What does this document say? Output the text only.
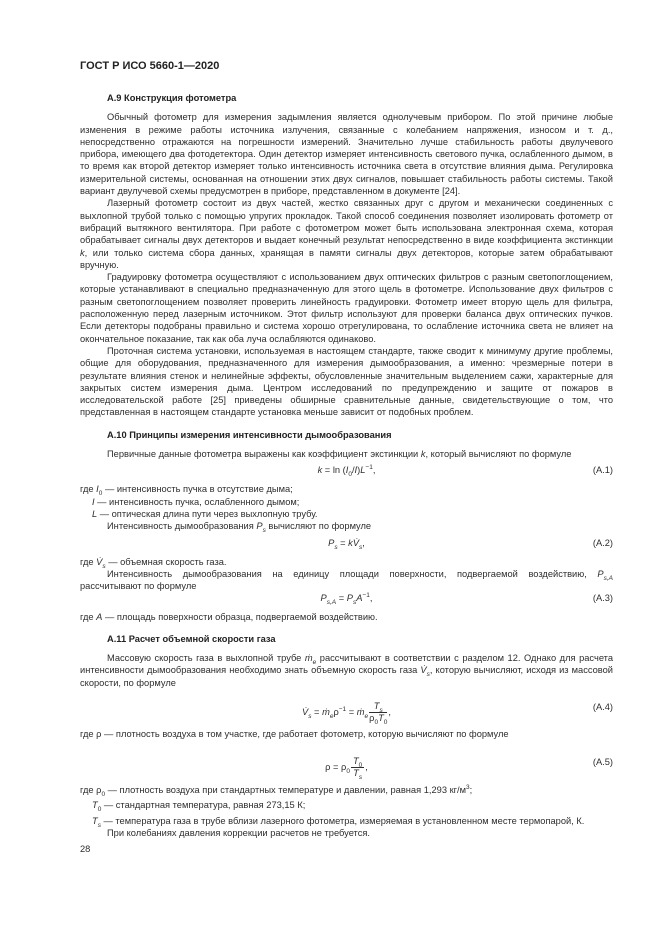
ГОСТ Р ИСО 5660-1—2020
А.9 Конструкция фотометра

Обычный фотометр для измерения задымления является однолучевым прибором. По этой причине любые изменения в режиме работы источника излучения, связанные с колебанием напряжения, износом и т. д., непосредственно отражаются на погрешности измерений. Значительно лучше стабильность работы двулучевого прибора, имеющего два фотодетектора. Один детектор измеряет интенсивность светового пучка, ослабленного дымом, в то время как второй детектор измеряет только интенсивность источника света в отсутствие влияния дыма. Регулировка измерительной системы, основанная на отношении этих двух сигналов, повышает стабильность работы системы. Такой вариант двулучевой схемы предусмотрен в приборе, представленном в документе [24].

Лазерный фотометр состоит из двух частей, жестко связанных друг с другом и механически соединенных с выхлопной трубой только с помощью упругих прокладок. Такой способ соединения позволяет изолировать фотометр от вибраций вытяжного вентилятора. При работе с фотометром может быть использована электронная схема, которая обрабатывает сигналы двух детекторов и выдает конечный результат непосредственно в виде коэффициента экстинкции k, или только система сбора данных, хранящая в памяти сигналы двух детекторов, которые затем обрабатывают вручную.

Градуировку фотометра осуществляют с использованием двух оптических фильтров с разным светопоглощением, которые устанавливают в специально предназначенную для этого щель в фотометре. Использование двух фильтров с разным светопоглощением позволяет проверить линейность градуировки. Фотометр имеет вторую щель для фильтра, расположенную перед лазерным источником. Этот фильтр используют для проверки баланса двух оптических пучков. Если детекторы подобраны правильно и система хорошо отрегулирована, то ослабление источника света не влияет на окончательное показание, так как оба луча ослабляются одинаково.

Проточная система установки, используемая в настоящем стандарте, также сводит к минимуму другие проблемы, общие для оборудования, предназначенного для измерения дымообразования, а именно: чрезмерные потери в результате влияния стенок и нелинейные эффекты, обусловленные значительным выделением сажи, характерные для закрытых систем измерения дыма. Центром исследований по предупреждению и защите от пожаров в исследовательской работе [25] приведены обширные сравнительные данные, свидетельствующие о том, что представленная в настоящем стандарте установка меньше зависит от подобных проблем.

А.10 Принципы измерения интенсивности дымообразования

Первичные данные фотометра выражены как коэффициент экстинкции k, который вычисляют по формуле

$k = \ln (I_0/I)L^{-1}$,	(А.1)

где $I_0$ — интенсивность пучка в отсутствие дыма;

I — интенсивность пучка, ослабленного дымом;

L — оптическая длина пути через выхлопную трубу.

Интенсивность дымообразования $P_s$ вычисляют по формуле

$P_s$ = $kV̇_s$,	(А.2)

где $V̇_s$ — объемная скорость газа.

Интенсивность дымообразования на единицу площади поверхности, подвергаемой воздействию, $P_{s,A}$ рассчитывают по формуле

$P_{s,A} = P_sA^{-1}$,	(А.3)

где A — площадь поверхности образца, подвергаемой воздействию.

А.11 Расчет объемной скорости газа

Массовую скорость газа в выхлопной трубе ṁ$_e$ рассчитывают в соответствии с разделом 12. Однако для расчета интенсивности дымообразования необходимо знать объемную скорость газа $V̇_s$, которую вычисляют, исходя из массовой скорости, по формуле

$V̇_s$ = $ṁ_e\rho^{-1}$ = ṁ$_e$ $\frac{T_s}{\rho_0T_0}$ ,	(А.4)

где ρ — плотность воздуха в том участке, где работает фотометр, которую вычисляют по формуле

$\rho = \rho_0 \frac{T_0}{T_s}$ ,	(А.5)

где $\rho_0$ — плотность воздуха при стандартных температуре и давлении, равная 1,293 $кг/м^3$;

$T_0$ — стандартная температура, равная 273,15 К;

$T_s$ — температура газа в трубе вблизи лазерного фотометра, измеряемая в установленном месте термопарой, К.

При колебаниях давления коррекции расчетов не требуется.

28
